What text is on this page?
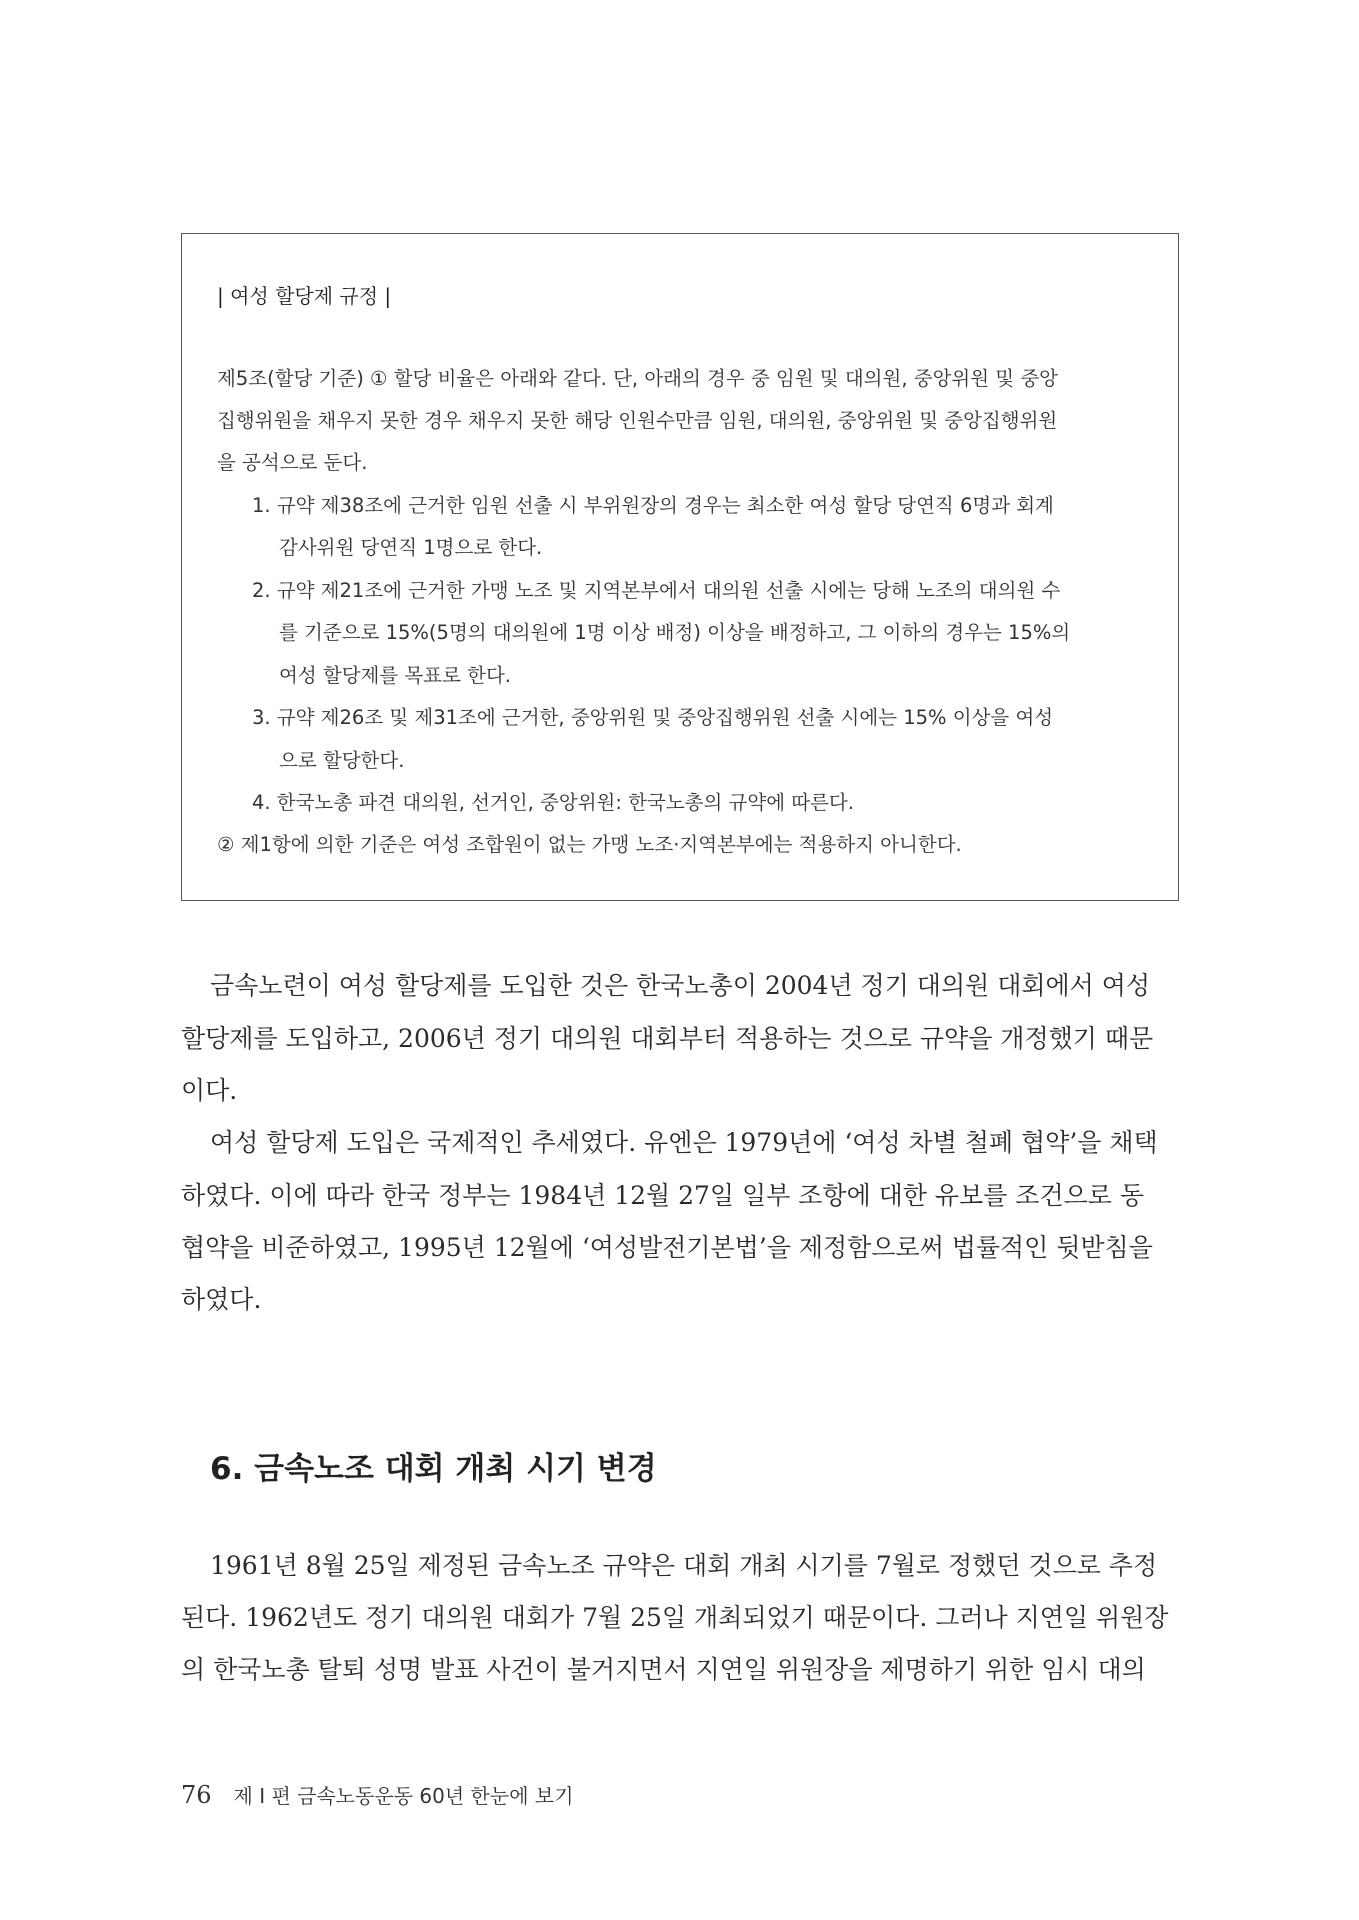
| 여성 할당제 규정 |
제5조(할당 기준) ① 할당 비율은 아래와 같다. 단, 아래의 경우 중 임원 및 대의원, 중앙위원 및 중앙
집행위원을 채우지 못한 경우 채우지 못한 해당 인원수만큼 임원, 대의원, 중앙위원 및 중앙집행위원
을 공석으로 둔다.
1. 규약 제38조에 근거한 임원 선출 시 부위원장의 경우는 최소한 여성 할당 당연직 6명과 회계
감사위원 당연직 1명으로 한다.
2. 규약 제21조에 근거한 가맹 노조 및 지역본부에서 대의원 선출 시에는 당해 노조의 대의원 수
를 기준으로 15%(5명의 대의원에 1명 이상 배정) 이상을 배정하고, 그 이하의 경우는 15%의
여성 할당제를 목표로 한다.
3. 규약 제26조 및 제31조에 근거한, 중앙위원 및 중앙집행위원 선출 시에는 15% 이상을 여성
으로 할당한다.
4. 한국노총 파견 대의원, 선거인, 중앙위원: 한국노총의 규약에 따른다.
② 제1항에 의한 기준은 여성 조합원이 없는 가맹 노조·지역본부에는 적용하지 아니한다.
금속노련이 여성 할당제를 도입한 것은 한국노총이 2004년 정기 대의원 대회에서 여성
할당제를 도입하고, 2006년 정기 대의원 대회부터 적용하는 것으로 규약을 개정했기 때문
이다.
여성 할당제 도입은 국제적인 추세였다. 유엔은 1979년에 ‘여성 차별 철폐 협약’을 채택
하였다. 이에 따라 한국 정부는 1984년 12월 27일 일부 조항에 대한 유보를 조건으로 동
협약을 비준하였고, 1995년 12월에 ‘여성발전기본법’을 제정함으로써 법률적인 뒷받침을
하였다.
6. 금속노조 대회 개최 시기 변경
1961년 8월 25일 제정된 금속노조 규약은 대회 개최 시기를 7월로 정했던 것으로 추정
된다. 1962년도 정기 대의원 대회가 7월 25일 개최되었기 때문이다. 그러나 지연일 위원장
의 한국노총 탈퇴 성명 발표 사건이 불거지면서 지연일 위원장을 제명하기 위한 임시 대의
76 제 I 편 금속노동운동 60년 한눈에 보기
